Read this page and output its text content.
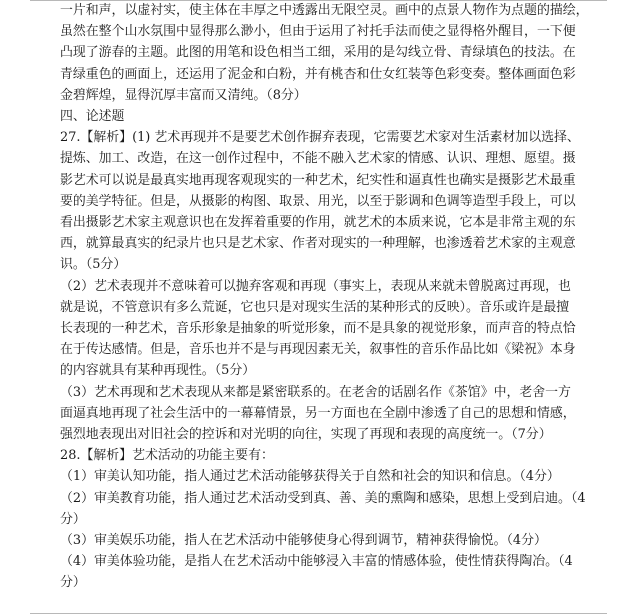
一片和声，以虚衬实，使主体在丰厚之中透露出无限空灵。画中的点景人物作为点题的描绘，
虽然在整个山水氛围中显得那么渺小，但由于运用了衬托手法而使之显得格外醒目，一下便
凸现了游春的主题。此图的用笔和设色相当工细，采用的是勾线立骨、青绿填色的技法。在
青绿重色的画面上，还运用了泥金和白粉，并有桃杏和仕女红装等色彩变奏。整体画面色彩
金碧辉煌，显得沉厚丰富而又清纯。（8分）
四、论述题
27.【解析】(1) 艺术再现并不是要艺术创作摒弃表现，它需要艺术家对生活素材加以选择、
提炼、加工、改造，在这一创作过程中，不能不融入艺术家的情感、认识、理想、愿望。摄
影艺术可以说是最真实地再现客观现实的一种艺术，纪实性和逼真性也确实是摄影艺术最重
要的美学特征。但是，从摄影的构图、取景、用光，以至于影调和色调等造型手段上，可以
看出摄影艺术家主观意识也在发挥着重要的作用，就艺术的本质来说，它本是非常主观的东
西，就算最真实的纪录片也只是艺术家、作者对现实的一种理解，也渗透着艺术家的主观意
识。（5分）
（2）艺术表现并不意味着可以抛弃客观和再现（事实上，表现从来就未曾脱离过再现，也
就是说，不管意识有多么荒诞，它也只是对现实生活的某种形式的反映）。音乐或许是最擅
长表现的一种艺术，音乐形象是抽象的听觉形象，而不是具象的视觉形象，而声音的特点恰
在于传达感情。但是，音乐也并不是与再现因素无关，叙事性的音乐作品比如《梁祝》本身
的内容就具有某种再现性。（5分）
（3）艺术再现和艺术表现从来都是紧密联系的。在老舍的话剧名作《茶馆》中，老舍一方
面逼真地再现了社会生活中的一幕幕情景，另一方面也在全剧中渗透了自己的思想和情感，
强烈地表现出对旧社会的控诉和对光明的向往，实现了再现和表现的高度统一。（7分）
28.【解析】艺术活动的功能主要有：
（1）审美认知功能，指人通过艺术活动能够获得关于自然和社会的知识和信息。（4分）
（2）审美教育功能，指人通过艺术活动受到真、善、美的熏陶和感染，思想上受到启迪。（4
分）
（3）审美娱乐功能，指人在艺术活动中能够使身心得到调节，精神获得愉悦。（4分）
（4）审美体验功能，是指人在艺术活动中能够浸入丰富的情感体验，使性情获得陶冶。（4
分）
